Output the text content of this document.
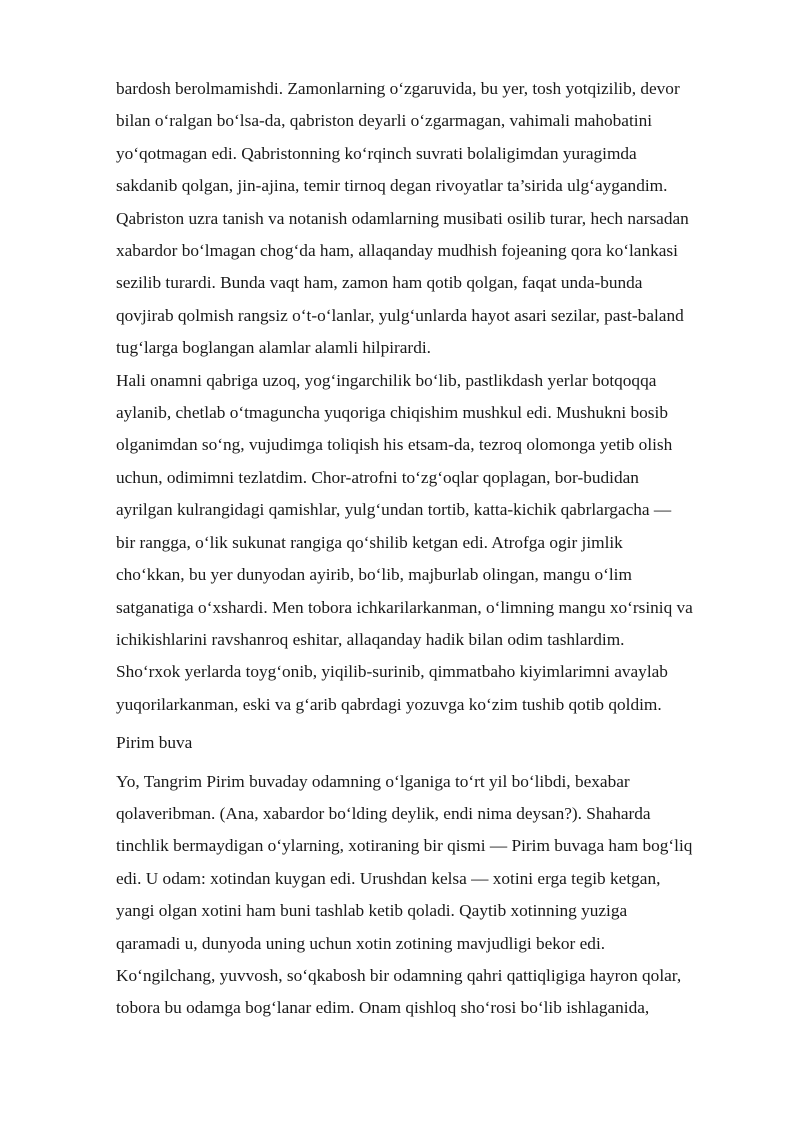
bardosh berolmamishdi. Zamonlarning o‘zgaruvida, bu yer, tosh yotqizilib, devor

bilan o‘ralgan bo‘lsa-da, qabriston deyarli o‘zgarmagan, vahimali mahobatini

yo‘qotmagan edi. Qabristonning ko‘rqinch suvrati bolaligimdan yuragimda

sakdanib qolgan, jin-ajina, temir tirnoq degan rivoyatlar ta’sirida ulg‘aygandim.

Qabriston uzra tanish va notanish odamlarning musibati osilib turar, hech narsadan

xabardor bo‘lmagan chog‘da ham, allaqanday mudhish fojeaning qora ko‘lankasi

sezilib turardi. Bunda vaqt ham, zamon ham qotib qolgan, faqat unda-bunda

qovjirab qolmish rangsiz o‘t-o‘lanlar, yulg‘unlarda hayot asari sezilar, past-baland

tug‘larga boglangan alamlar alamli hilpirardi.

Hali onamni qabriga uzoq, yog‘ingarchilik bo‘lib, pastlikdash yerlar botqoqqa

aylanib, chetlab o‘tmaguncha yuqoriga chiqishim mushkul edi. Mushukni bosib

olganimdan so‘ng, vujudimga toliqish his etsam-da, tezroq olomonga yetib olish

uchun, odimimni tezlatdim. Chor-atrofni to‘zg‘oqlar qoplagan, bor-budidan

ayrilgan kulrangidagi qamishlar, yulg‘undan tortib, katta-kichik qabrlargacha —

bir rangga, o‘lik sukunat rangiga qo‘shilib ketgan edi. Atrofga ogir jimlik

cho‘kkan, bu yer dunyodan ayirib, bo‘lib, majburlab olingan, mangu o‘lim

satganatiga o‘xshardi. Men tobora ichkarilarkanman, o‘limning mangu xo‘rsiniq va

ichikishlarini ravshanroq eshitar, allaqanday hadik bilan odim tashlardim.

Sho‘rxok yerlarda toyg‘onib, yiqilib-surinib, qimmatbaho kiyimlarimni avaylab

yuqorilarkanman, eski va g‘arib qabrdagi yozuvga ko‘zim tushib qotib qoldim.

Pirim buva

Yo, Tangrim Pirim buvaday odamning o‘lganiga to‘rt yil bo‘libdi, bexabar

qolaveribman. (Ana, xabardor bo‘lding deylik, endi nima deysan?). Shaharda

tinchlik bermaydigan o‘ylarning, xotiraning bir qismi — Pirim buvaga ham bog‘liq

edi. U odam: xotindan kuygan edi. Urushdan kelsa — xotini erga tegib ketgan,

yangi olgan xotini ham buni tashlab ketib qoladi. Qaytib xotinning yuziga

qaramadi u, dunyoda uning uchun xotin zotining mavjudligi bekor edi.

Ko‘ngilchang, yuvvosh, so‘qkabosh bir odamning qahri qattiqligiga hayron qolar,

tobora bu odamga bog‘lanar edim. Onam qishloq sho‘rosi bo‘lib ishlaganida,
